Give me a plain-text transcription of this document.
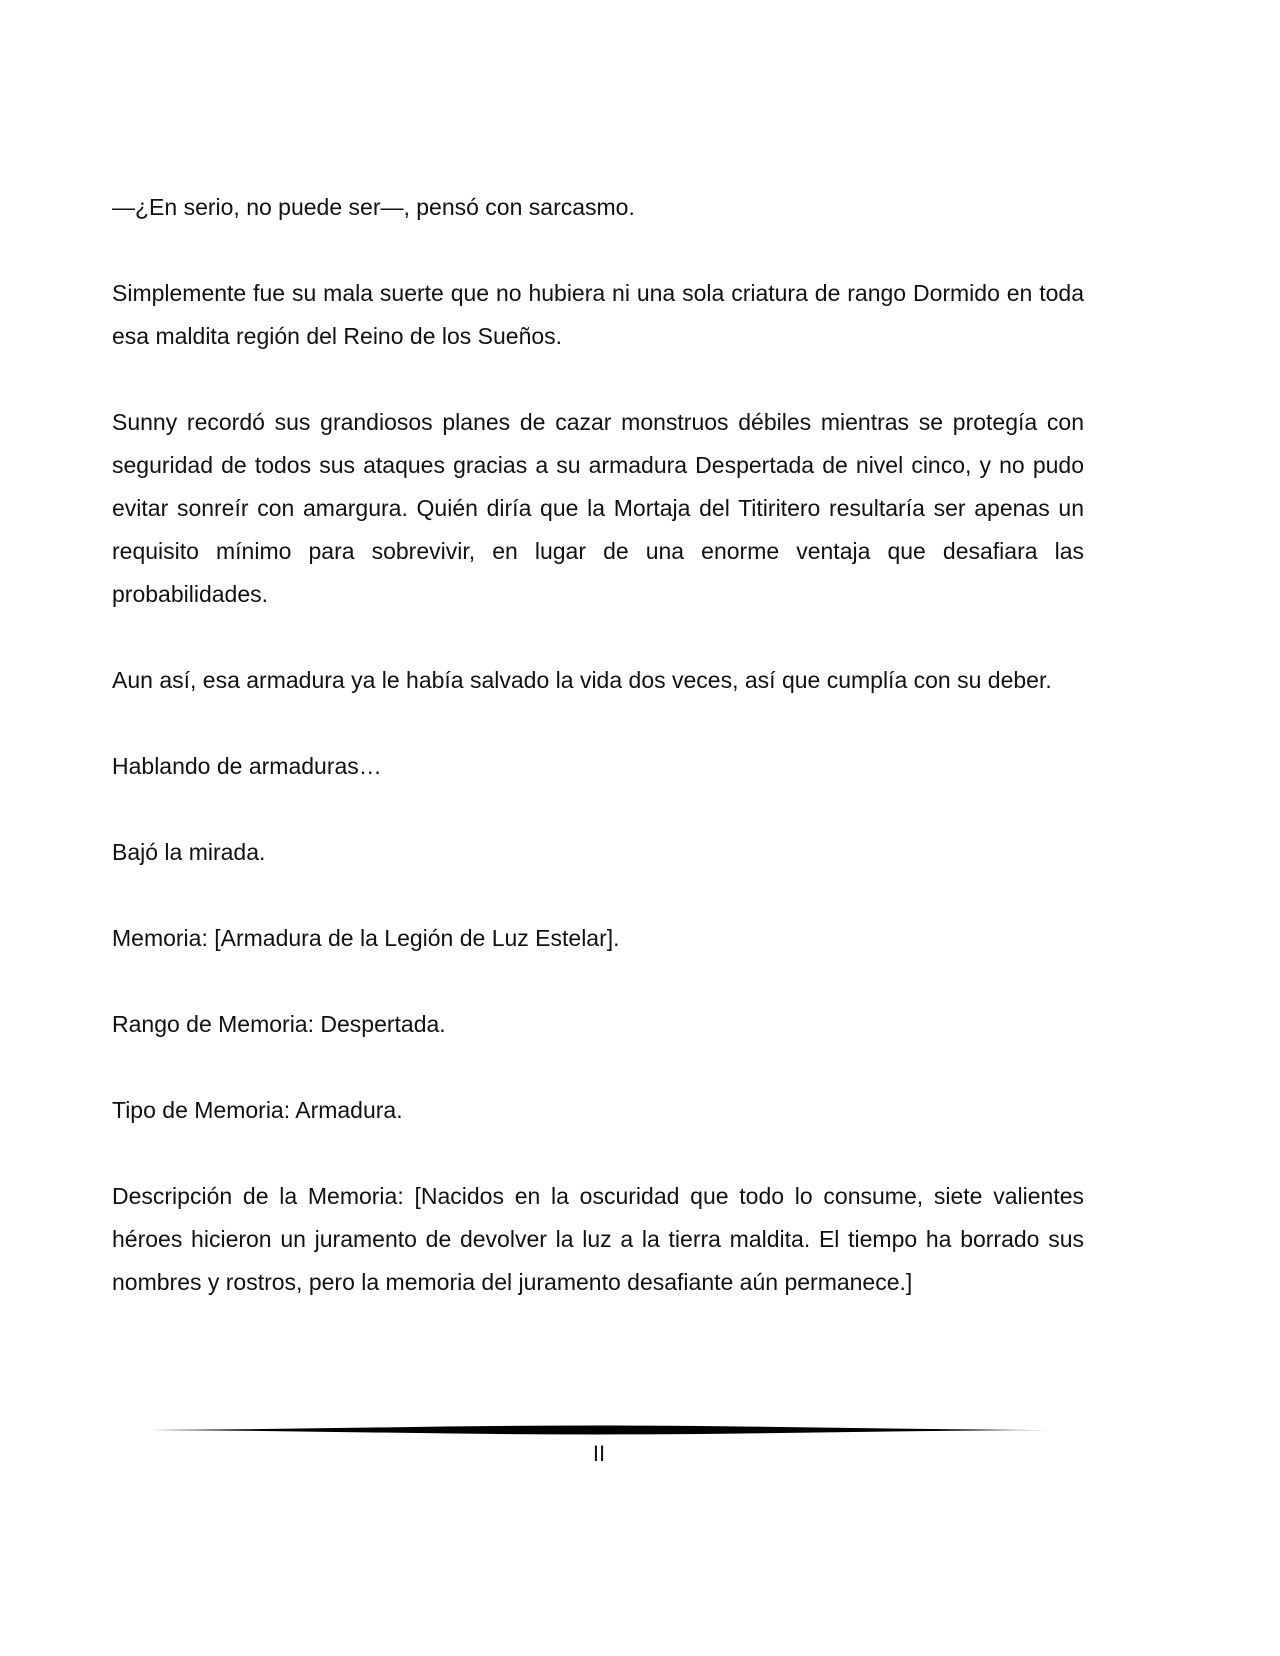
—¿En serio, no puede ser—, pensó con sarcasmo.

Simplemente fue su mala suerte que no hubiera ni una sola criatura de rango Dormido en toda esa maldita región del Reino de los Sueños.

Sunny recordó sus grandiosos planes de cazar monstruos débiles mientras se protegía con seguridad de todos sus ataques gracias a su armadura Despertada de nivel cinco, y no pudo evitar sonreír con amargura. Quién diría que la Mortaja del Titiritero resultaría ser apenas un requisito mínimo para sobrevivir, en lugar de una enorme ventaja que desafiara las probabilidades.

Aun así, esa armadura ya le había salvado la vida dos veces, así que cumplía con su deber.

Hablando de armaduras…

Bajó la mirada.

Memoria: [Armadura de la Legión de Luz Estelar].

Rango de Memoria: Despertada.

Tipo de Memoria: Armadura.

Descripción de la Memoria: [Nacidos en la oscuridad que todo lo consume, siete valientes héroes hicieron un juramento de devolver la luz a la tierra maldita. El tiempo ha borrado sus nombres y rostros, pero la memoria del juramento desafiante aún permanece.]

II
